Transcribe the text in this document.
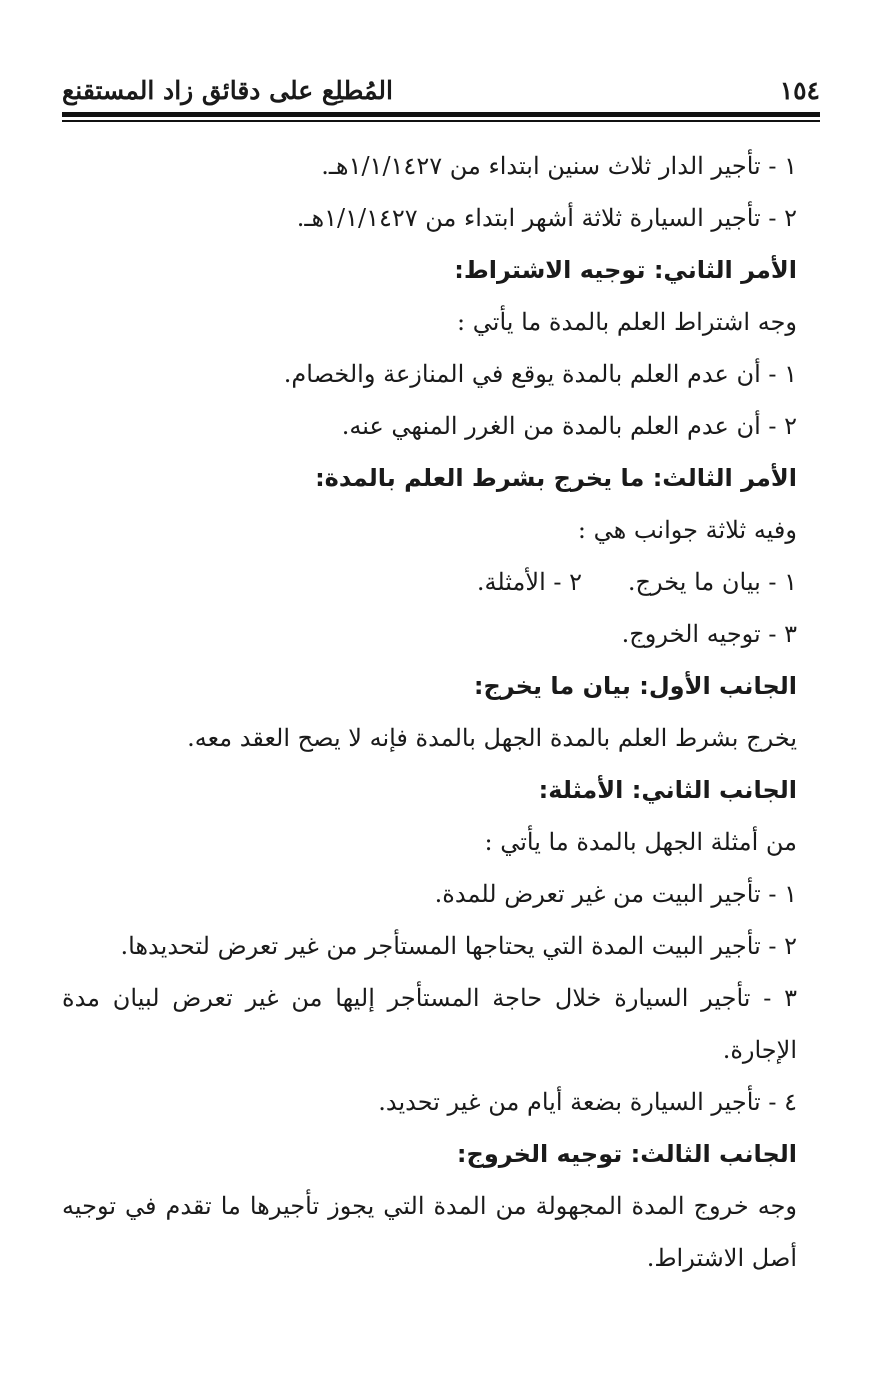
١٥٤
المُطلِع على دقائق زاد المستقنع
١ - تأجير الدار ثلاث سنين ابتداء من ١/١/١٤٢٧هـ.
٢ - تأجير السيارة ثلاثة أشهر ابتداء من ١/١/١٤٢٧هـ.
الأمر الثاني: توجيه الاشتراط:
وجه اشتراط العلم بالمدة ما يأتي :
١ - أن عدم العلم بالمدة يوقع في المنازعة والخصام.
٢ - أن عدم العلم بالمدة من الغرر المنهي عنه.
الأمر الثالث: ما يخرج بشرط العلم بالمدة:
وفيه ثلاثة جوانب هي :
١ - بيان ما يخرج.
٢ - الأمثلة.
٣ - توجيه الخروج.
الجانب الأول: بيان ما يخرج:
يخرج بشرط العلم بالمدة الجهل بالمدة فإنه لا يصح العقد معه.
الجانب الثاني: الأمثلة:
من أمثلة الجهل بالمدة ما يأتي :
١ - تأجير البيت من غير تعرض للمدة.
٢ - تأجير البيت المدة التي يحتاجها المستأجر من غير تعرض لتحديدها.
٣ - تأجير السيارة خلال حاجة المستأجر إليها من غير تعرض لبيان مدة الإجارة.
٤ - تأجير السيارة بضعة أيام من غير تحديد.
الجانب الثالث: توجيه الخروج:
وجه خروج المدة المجهولة من المدة التي يجوز تأجيرها ما تقدم في توجيه أصل الاشتراط.
